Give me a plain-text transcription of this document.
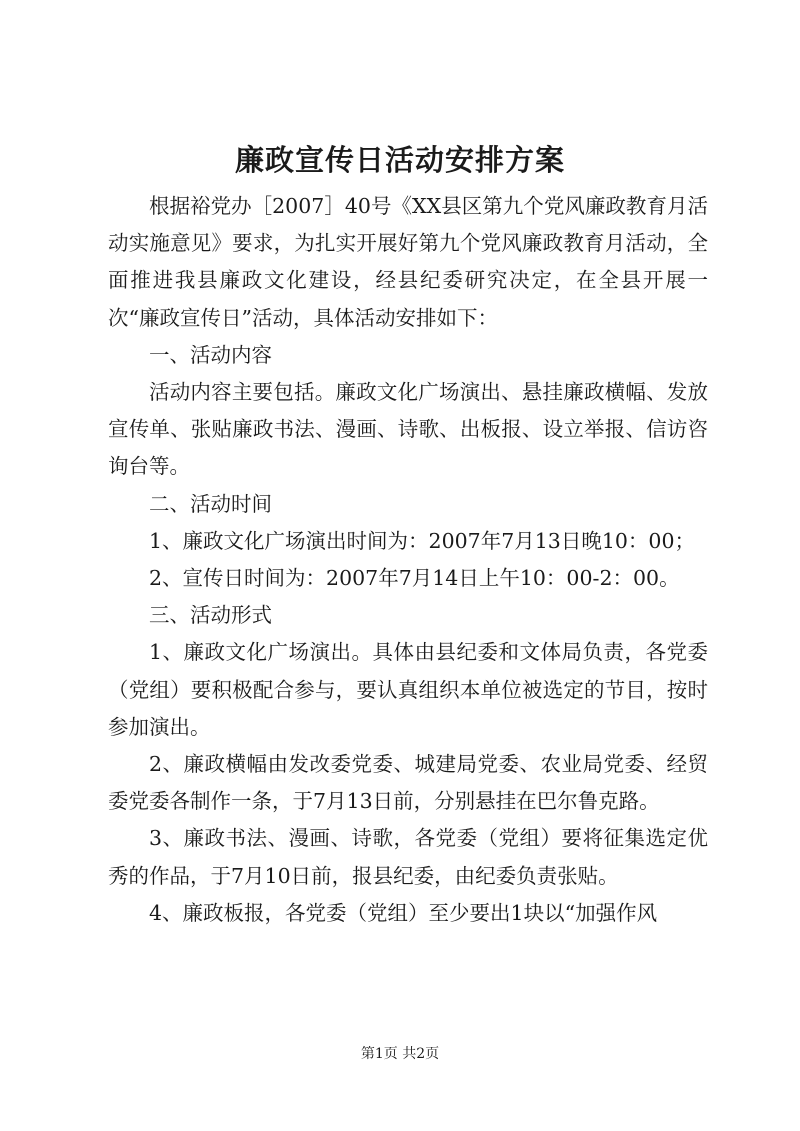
廉政宣传日活动安排方案

根据裕党办［2007］40号《XX县区第九个党风廉政教育月活动实施意见》要求，为扎实开展好第九个党风廉政教育月活动，全面推进我县廉政文化建设，经县纪委研究决定，在全县开展一次“廉政宣传日”活动，具体活动安排如下：

一、活动内容

活动内容主要包括。廉政文化广场演出、悬挂廉政横幅、发放宣传单、张贴廉政书法、漫画、诗歌、出板报、设立举报、信访咨询台等。

二、活动时间

1、廉政文化广场演出时间为：2007年7月13日晚10：00；

2、宣传日时间为：2007年7月14日上午10：00-2：00。

三、活动形式

1、廉政文化广场演出。具体由县纪委和文体局负责，各党委（党组）要积极配合参与，要认真组织本单位被选定的节目，按时参加演出。

2、廉政横幅由发改委党委、城建局党委、农业局党委、经贸委党委各制作一条，于7月13日前，分别悬挂在巴尔鲁克路。

3、廉政书法、漫画、诗歌，各党委（党组）要将征集选定优秀的作品，于7月10日前，报县纪委，由纪委负责张贴。

4、廉政板报，各党委（党组）至少要出1块以“加强作风

第1页 共2页
